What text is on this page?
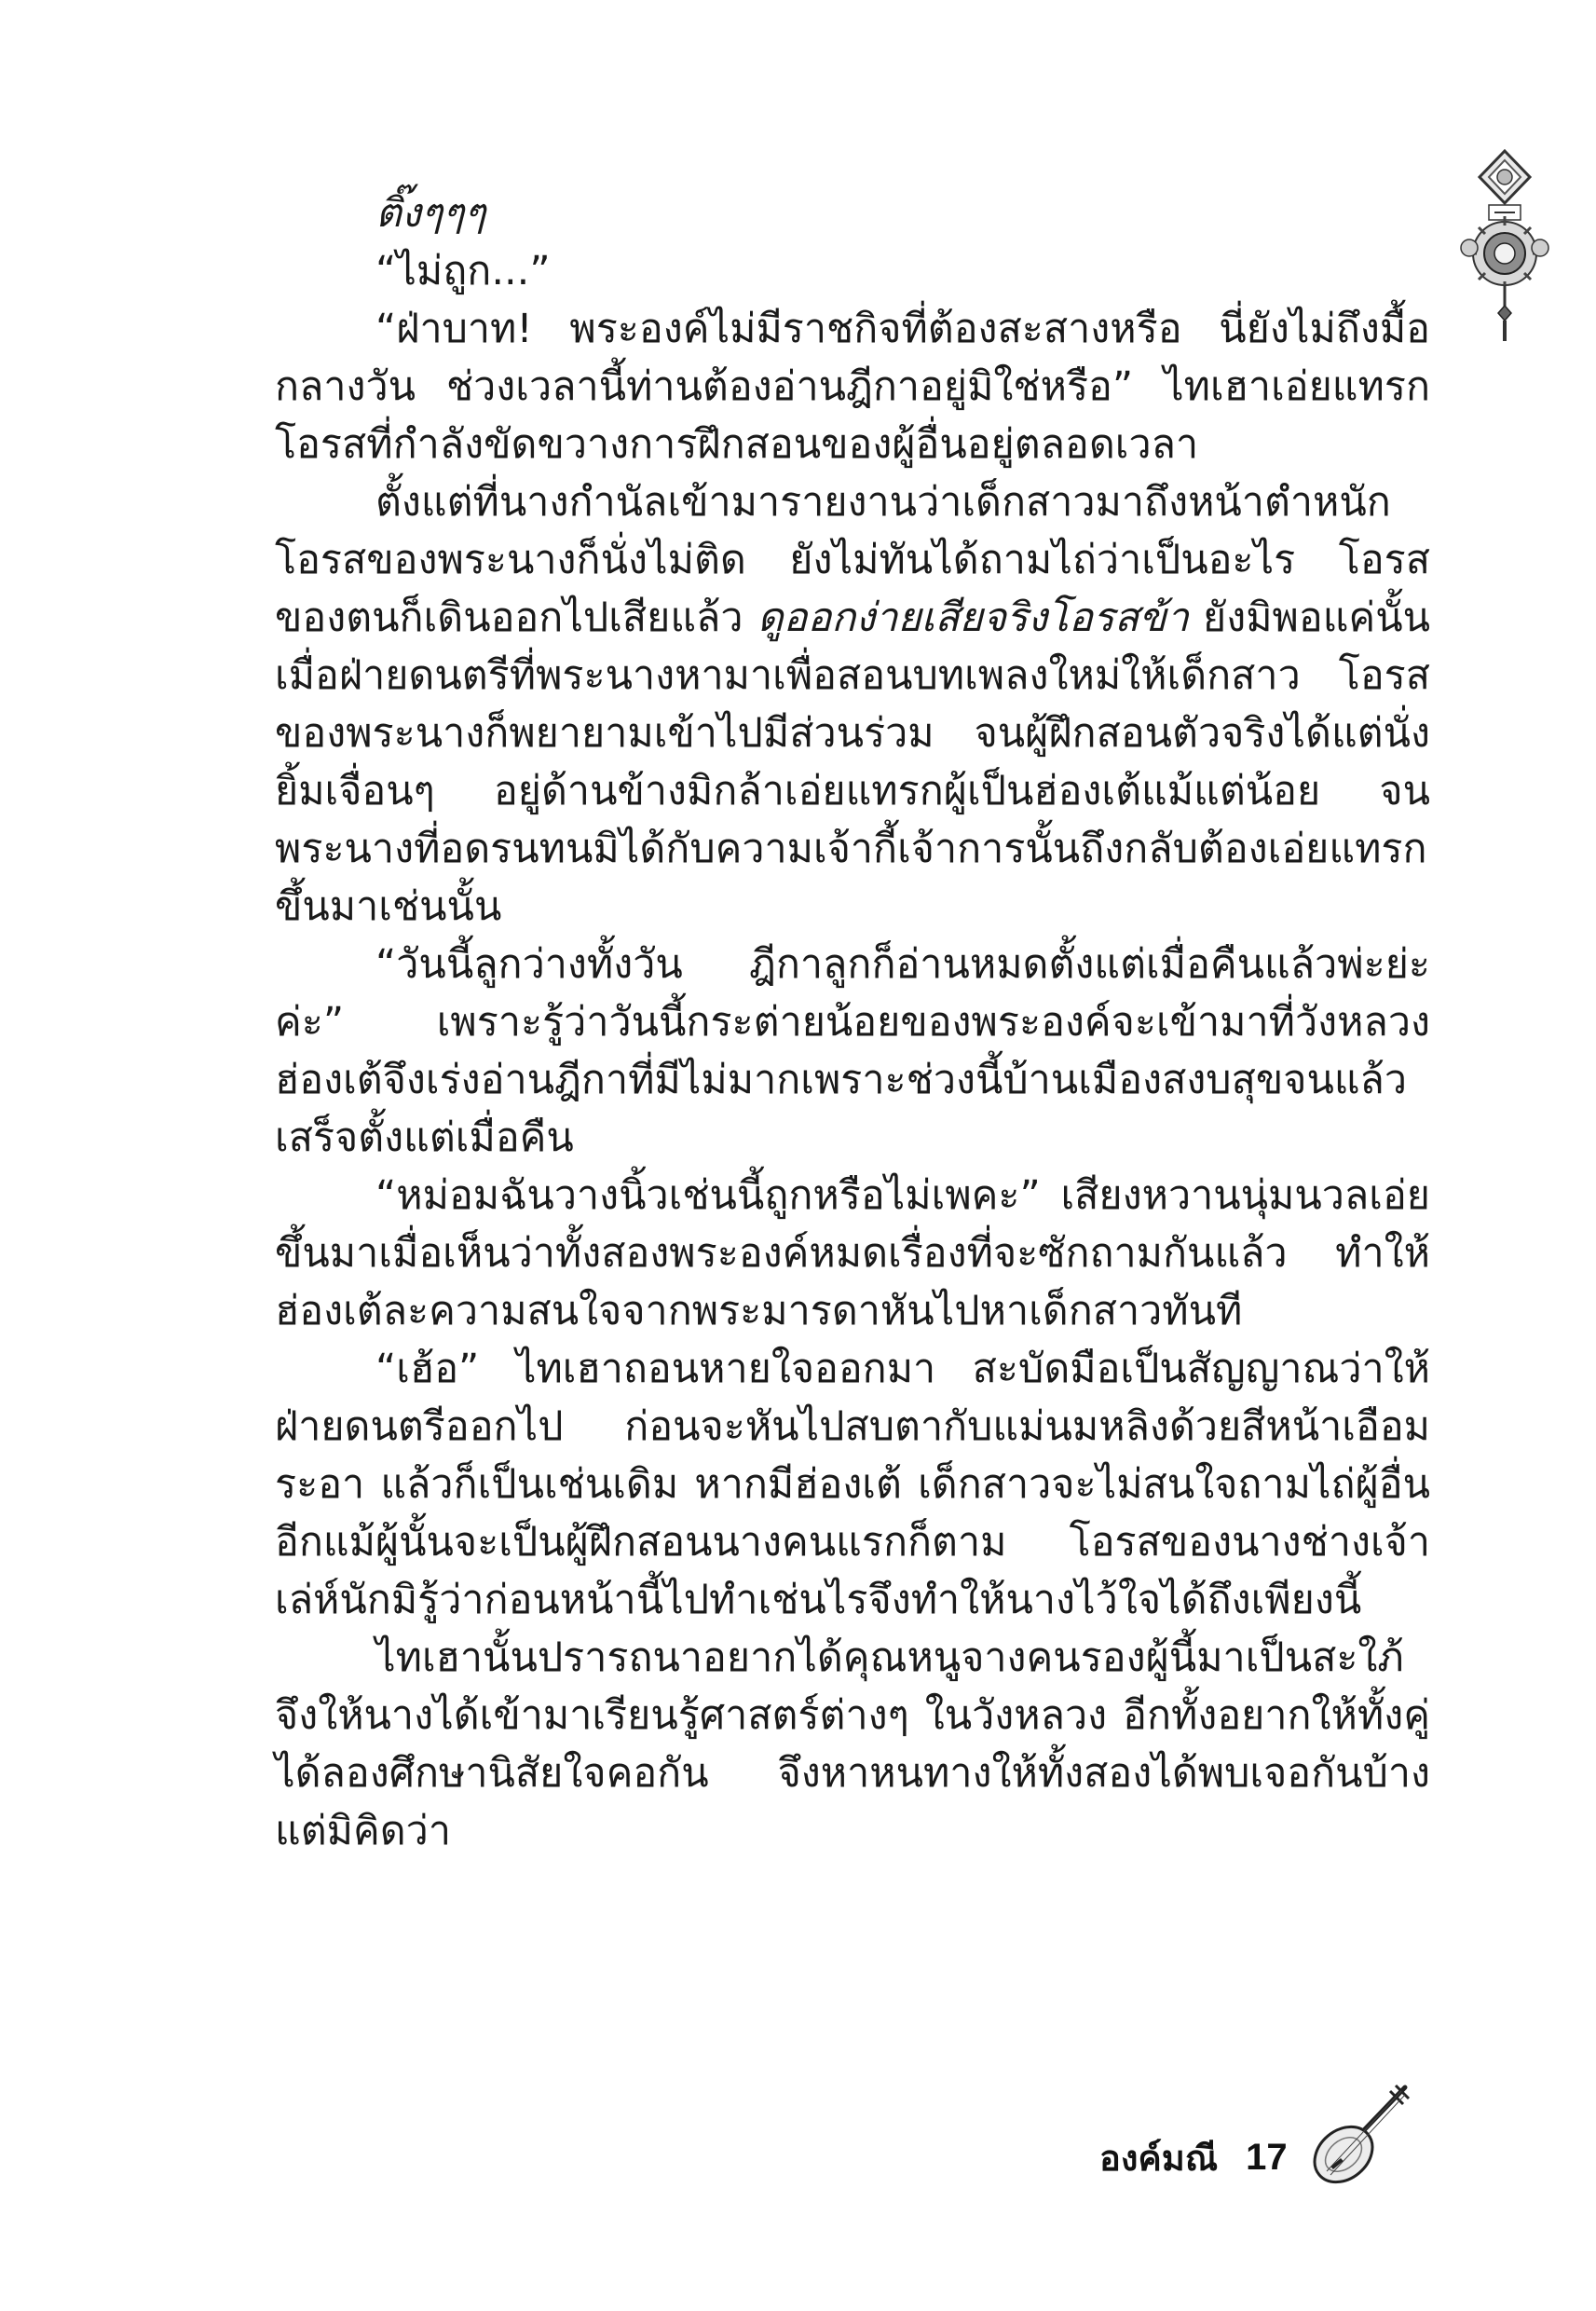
ติ๊งๆๆๆ

“ไม่ถูก...”

“ฝ่าบาท! พระองค์ไม่มีราชกิจที่ต้องสะสางหรือ นี่ยังไม่ถึงมื้อกลางวัน ช่วงเวลานี้ท่านต้องอ่านฎีกาอยู่มิใช่หรือ” ไทเฮาเอ่ยแทรกโอรสที่กำลังขัดขวางการฝึกสอนของผู้อื่นอยู่ตลอดเวลา

ตั้งแต่ที่นางกำนัลเข้ามารายงานว่าเด็กสาวมาถึงหน้าตำหนัก โอรสของพระนางก็นั่งไม่ติด ยังไม่ทันได้ถามไถ่ว่าเป็นอะไร โอรสของตนก็เดินออกไปเสียแล้ว ดูออกง่ายเสียจริงโอรสข้า ยังมิพอแค่นั้น เมื่อฝ่ายดนตรีที่พระนางหามาเพื่อสอนบทเพลงใหม่ให้เด็กสาว โอรสของพระนางก็พยายามเข้าไปมีส่วนร่วม จนผู้ฝึกสอนตัวจริงได้แต่นั่งยิ้มเจื่อนๆ อยู่ด้านข้างมิกล้าเอ่ยแทรกผู้เป็นฮ่องเต้แม้แต่น้อย จนพระนางที่อดรนทนมิได้กับความเจ้ากี้เจ้าการนั้นถึงกลับต้องเอ่ยแทรกขึ้นมาเช่นนั้น

“วันนี้ลูกว่างทั้งวัน ฎีกาลูกก็อ่านหมดตั้งแต่เมื่อคืนแล้วพ่ะย่ะค่ะ” เพราะรู้ว่าวันนี้กระต่ายน้อยของพระองค์จะเข้ามาที่วังหลวง ฮ่องเต้จึงเร่งอ่านฎีกาที่มีไม่มากเพราะช่วงนี้บ้านเมืองสงบสุขจนแล้วเสร็จตั้งแต่เมื่อคืน

“หม่อมฉันวางนิ้วเช่นนี้ถูกหรือไม่เพคะ” เสียงหวานนุ่มนวลเอ่ยขึ้นมาเมื่อเห็นว่าทั้งสองพระองค์หมดเรื่องที่จะซักถามกันแล้ว ทำให้ฮ่องเต้ละความสนใจจากพระมารดาหันไปหาเด็กสาวทันที

“เฮ้อ” ไทเฮาถอนหายใจออกมา สะบัดมือเป็นสัญญาณว่าให้ฝ่ายดนตรีออกไป ก่อนจะหันไปสบตากับแม่นมหลิงด้วยสีหน้าเอือมระอา แล้วก็เป็นเช่นเดิม หากมีฮ่องเต้ เด็กสาวจะไม่สนใจถามไถ่ผู้อื่นอีกแม้ผู้นั้นจะเป็นผู้ฝึกสอนนางคนแรกก็ตาม โอรสของนางช่างเจ้าเล่ห์นักมิรู้ว่าก่อนหน้านี้ไปทำเช่นไรจึงทำให้นางไว้ใจได้ถึงเพียงนี้

ไทเฮานั้นปรารถนาอยากได้คุณหนูจางคนรองผู้นี้มาเป็นสะใภ้ จึงให้นางได้เข้ามาเรียนรู้ศาสตร์ต่างๆ ในวังหลวง อีกทั้งอยากให้ทั้งคู่ได้ลองศึกษานิสัยใจคอกัน จึงหาหนทางให้ทั้งสองได้พบเจอกันบ้าง แต่มิคิดว่า

องค์มณี 17
